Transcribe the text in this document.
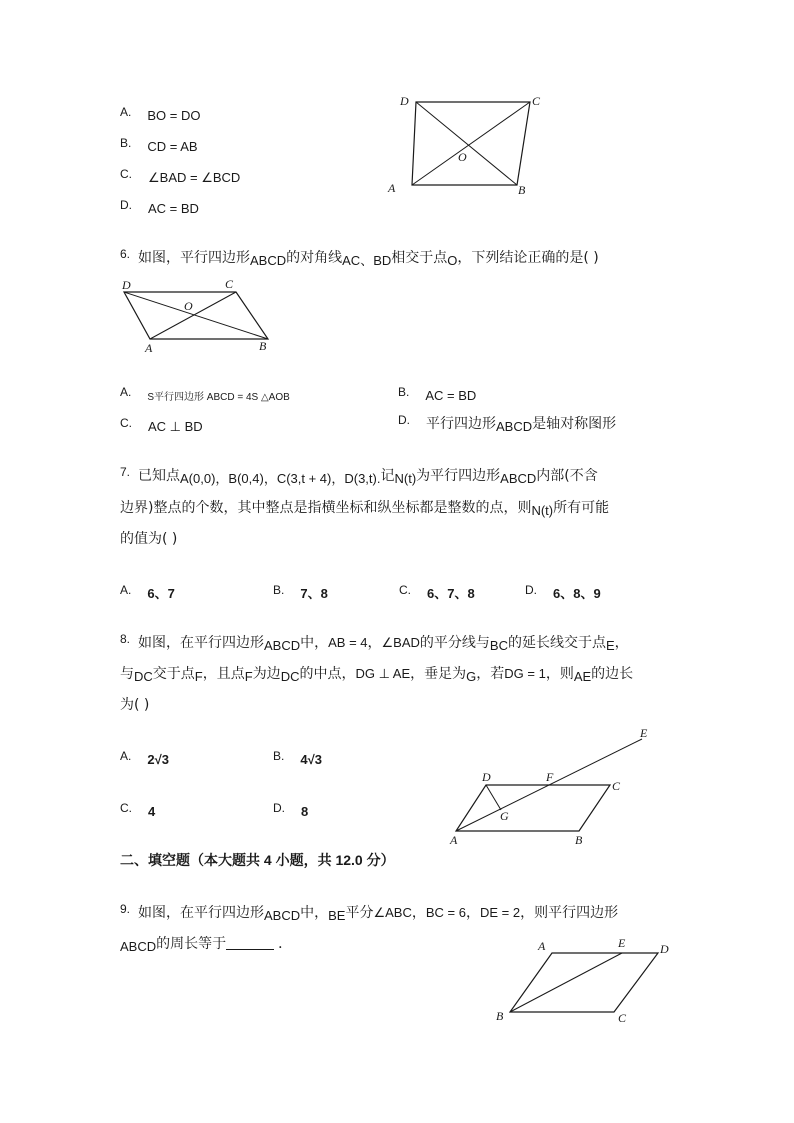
A. BO = DO
B. CD = AB
C. ∠BAD = ∠BCD
D. AC = BD
D	C
O
A	B
6. 如图，平行四边形ABCD的对角线AC、BD相交于点O，下列结论正确的是( )
D	C
O
A	B
A. S平行四边形 ABCD = 4S △AOB	B. AC = BD
C. AC ⊥ BD	D. 平行四边形ABCD是轴对称图形
7. 已知点A(0,0)，B(0,4)，C(3,t + 4)，D(3,t).记N(t)为平行四边形ABCD内部(不含
边界)整点的个数，其中整点是指横坐标和纵坐标都是整数的点，则N(t)所有可能
的值为( )
A. 6、7	B. 7、8	C. 6、7、8	D. 6、8、9
8. 如图，在平行四边形ABCD中，AB = 4，∠BAD的平分线与BC的延长线交于点E，
与DC交于点F，且点F为边DC的中点，DG ⊥ AE，垂足为G，若DG = 1，则AE的边长
为( )
A. 2√3	B. 4√3
C. 4	D. 8
E
D	F
C
G
A	B
二、填空题（本大题共 4 小题，共 12.0 分）
9. 如图，在平行四边形ABCD中，BE平分∠ABC，BC = 6，DE = 2，则平行四边形
ABCD的周长等于	．	A	E	D
B	C
